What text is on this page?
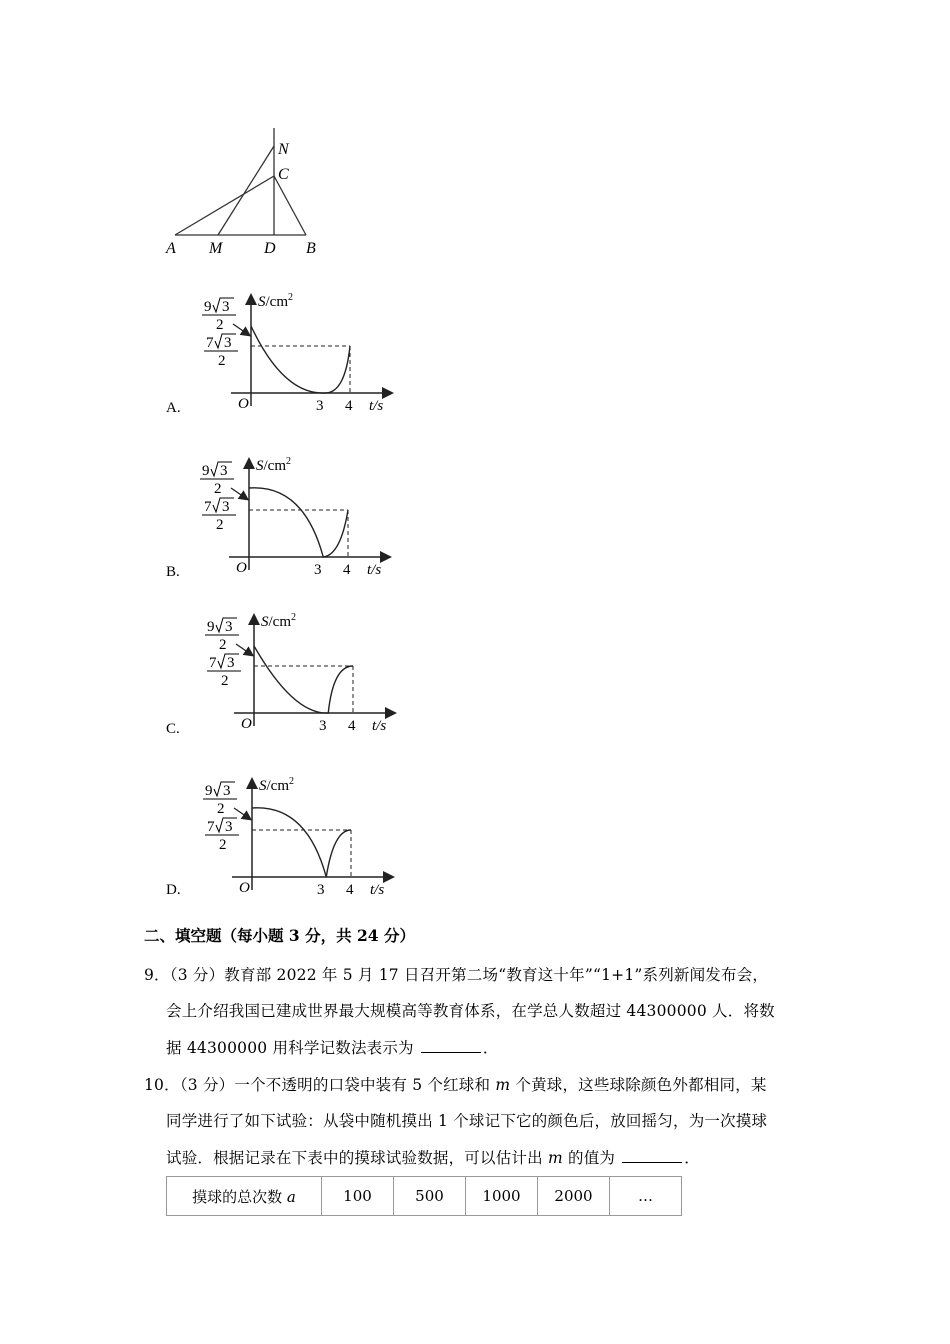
A M	D B
N
C
$S/cm^2$
t/s
O	3 4
9 3
2
7 3
2
A.
$S/cm^2$
t/s
O	3 4
9 3
2
7 3
2
B.
$S/cm^2$
t/s
O	3 4
9 3
2
7 3
2
C.
$S/cm^2$
t/s
O	3 4
9 3
2
7 3
2
D.
二、填空题（每小题 3 分，共 24 分）
9．（3 分）教育部 2022 年 5 月 17 日召开第二场“教育这十年”“1+1”系列新闻发布会，
会上介绍我国已建成世界最大规模高等教育体系，在学总人数超过 44300000 人．将数
据 44300000 用科学记数法表示为	．
10．（3 分）一个不透明的口袋中装有 5 个红球和 m 个黄球，这些球除颜色外都相同，某
同学进行了如下试验：从袋中随机摸出 1 个球记下它的颜色后，放回摇匀，为一次摸球
试验．根据记录在下表中的摸球试验数据，可以估计出 m 的值为	．
摸球的总次数 a	100	500	1000	2000	…
